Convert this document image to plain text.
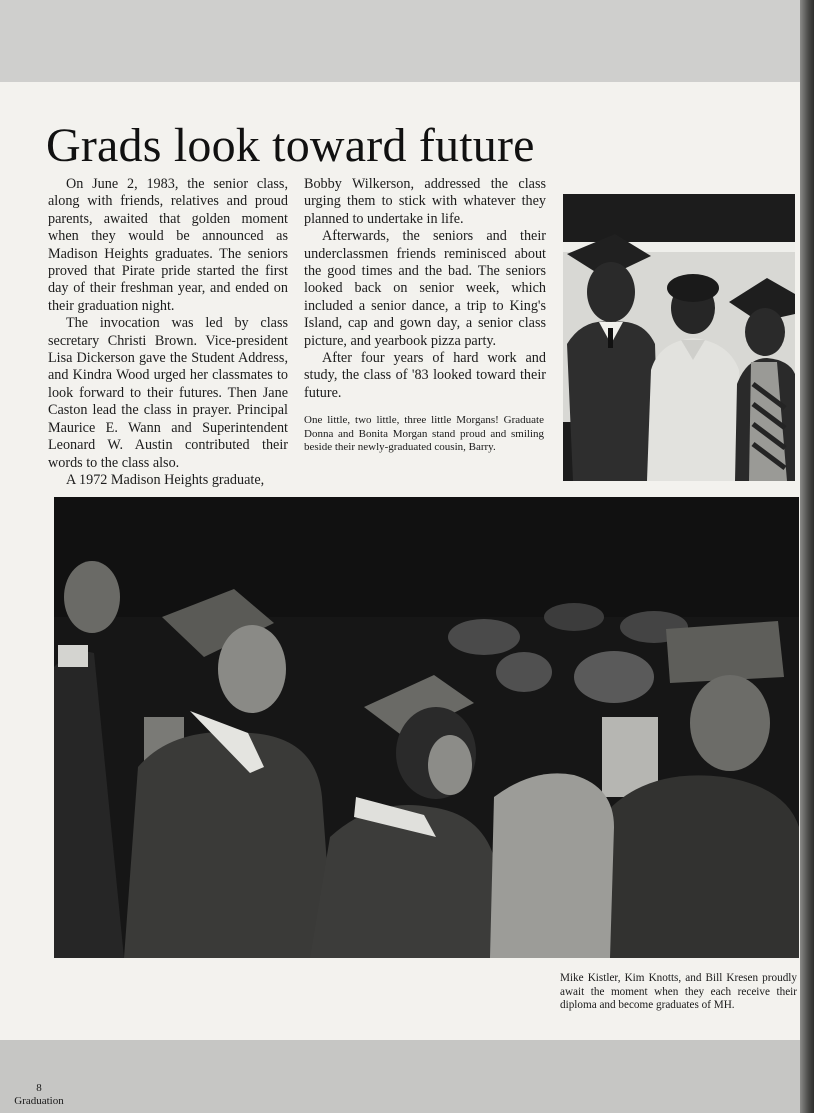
Grads look toward future

On June 2, 1983, the senior class, along with friends, relatives and proud parents, awaited that golden moment when they would be announced as Madison Heights graduates. The seniors proved that Pirate pride started the first day of their freshman year, and ended on their graduation night.

The invocation was led by class secretary Christi Brown. Vice-president Lisa Dickerson gave the Student Address, and Kindra Wood urged her classmates to look forward to their futures. Then Jane Caston lead the class in prayer. Principal Maurice E. Wann and Superintendent Leonard W. Austin contributed their words to the class also.

A 1972 Madison Heights graduate,

Bobby Wilkerson, addressed the class urging them to stick with whatever they planned to undertake in life.

Afterwards, the seniors and their underclassmen friends reminisced about the good times and the bad. The seniors looked back on senior week, which included a senior dance, a trip to King's Island, cap and gown day, a senior class picture, and yearbook pizza party.

After four years of hard work and study, the class of '83 looked toward their future.

One little, two little, three little Morgans! Graduate Donna and Bonita Morgan stand proud and smiling beside their newly-graduated cousin, Barry.

Mike Kistler, Kim Knotts, and Bill Kresen proudly await the moment when they each receive their diploma and become graduates of MH.

8
Graduation
